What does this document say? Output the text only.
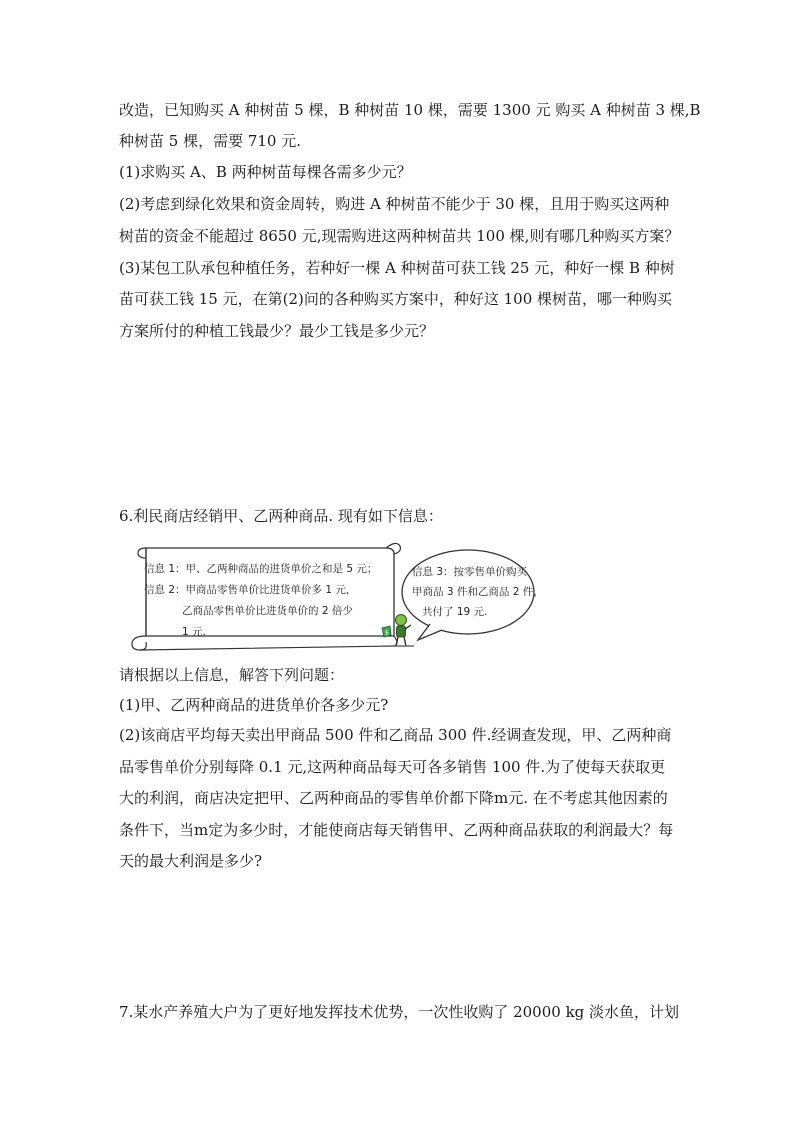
改造，已知购买 A 种树苗 5 棵，B 种树苗 10 棵，需要 1300 元 购买 A 种树苗 3 棵,B
种树苗 5 棵，需要 710 元.
(1)求购买 A、B 两种树苗每棵各需多少元？
(2)考虑到绿化效果和资金周转，购进 A 种树苗不能少于 30 棵，且用于购买这两种
树苗的资金不能超过 8650 元,现需购进这两种树苗共 100 棵,则有哪几种购买方案？
(3)某包工队承包种植任务，若种好一棵 A 种树苗可获工钱 25 元，种好一棵 B 种树
苗可获工钱 15 元，在第(2)问的各种购买方案中，种好这 100 棵树苗，哪一种购买
方案所付的种植工钱最少？最少工钱是多少元？
6.利民商店经销甲、乙两种商品. 现有如下信息：
$
信息 1：甲、乙两种商品的进货单价之和是 5 元；
信息 2：甲商品零售单价比进货单价多 1 元，
乙商品零售单价比进货单价的 2 倍少
1 元.
信息 3：按零售单价购买
甲商品 3 件和乙商品 2 件，
共付了 19 元.
请根据以上信息，解答下列问题：
(1)甲、乙两种商品的进货单价各多少元?
(2)该商店平均每天卖出甲商品 500 件和乙商品 300 件.经调查发现，甲、乙两种商
品零售单价分别每降 0.1 元,这两种商品每天可各多销售 100 件.为了使每天获取更
大的利润，商店决定把甲、乙两种商品的零售单价都下降m元. 在不考虑其他因素的
条件下，当m定为多少时，才能使商店每天销售甲、乙两种商品获取的利润最大？每
天的最大利润是多少?
7.某水产养殖大户为了更好地发挥技术优势，一次性收购了 20000 kg 淡水鱼，计划
